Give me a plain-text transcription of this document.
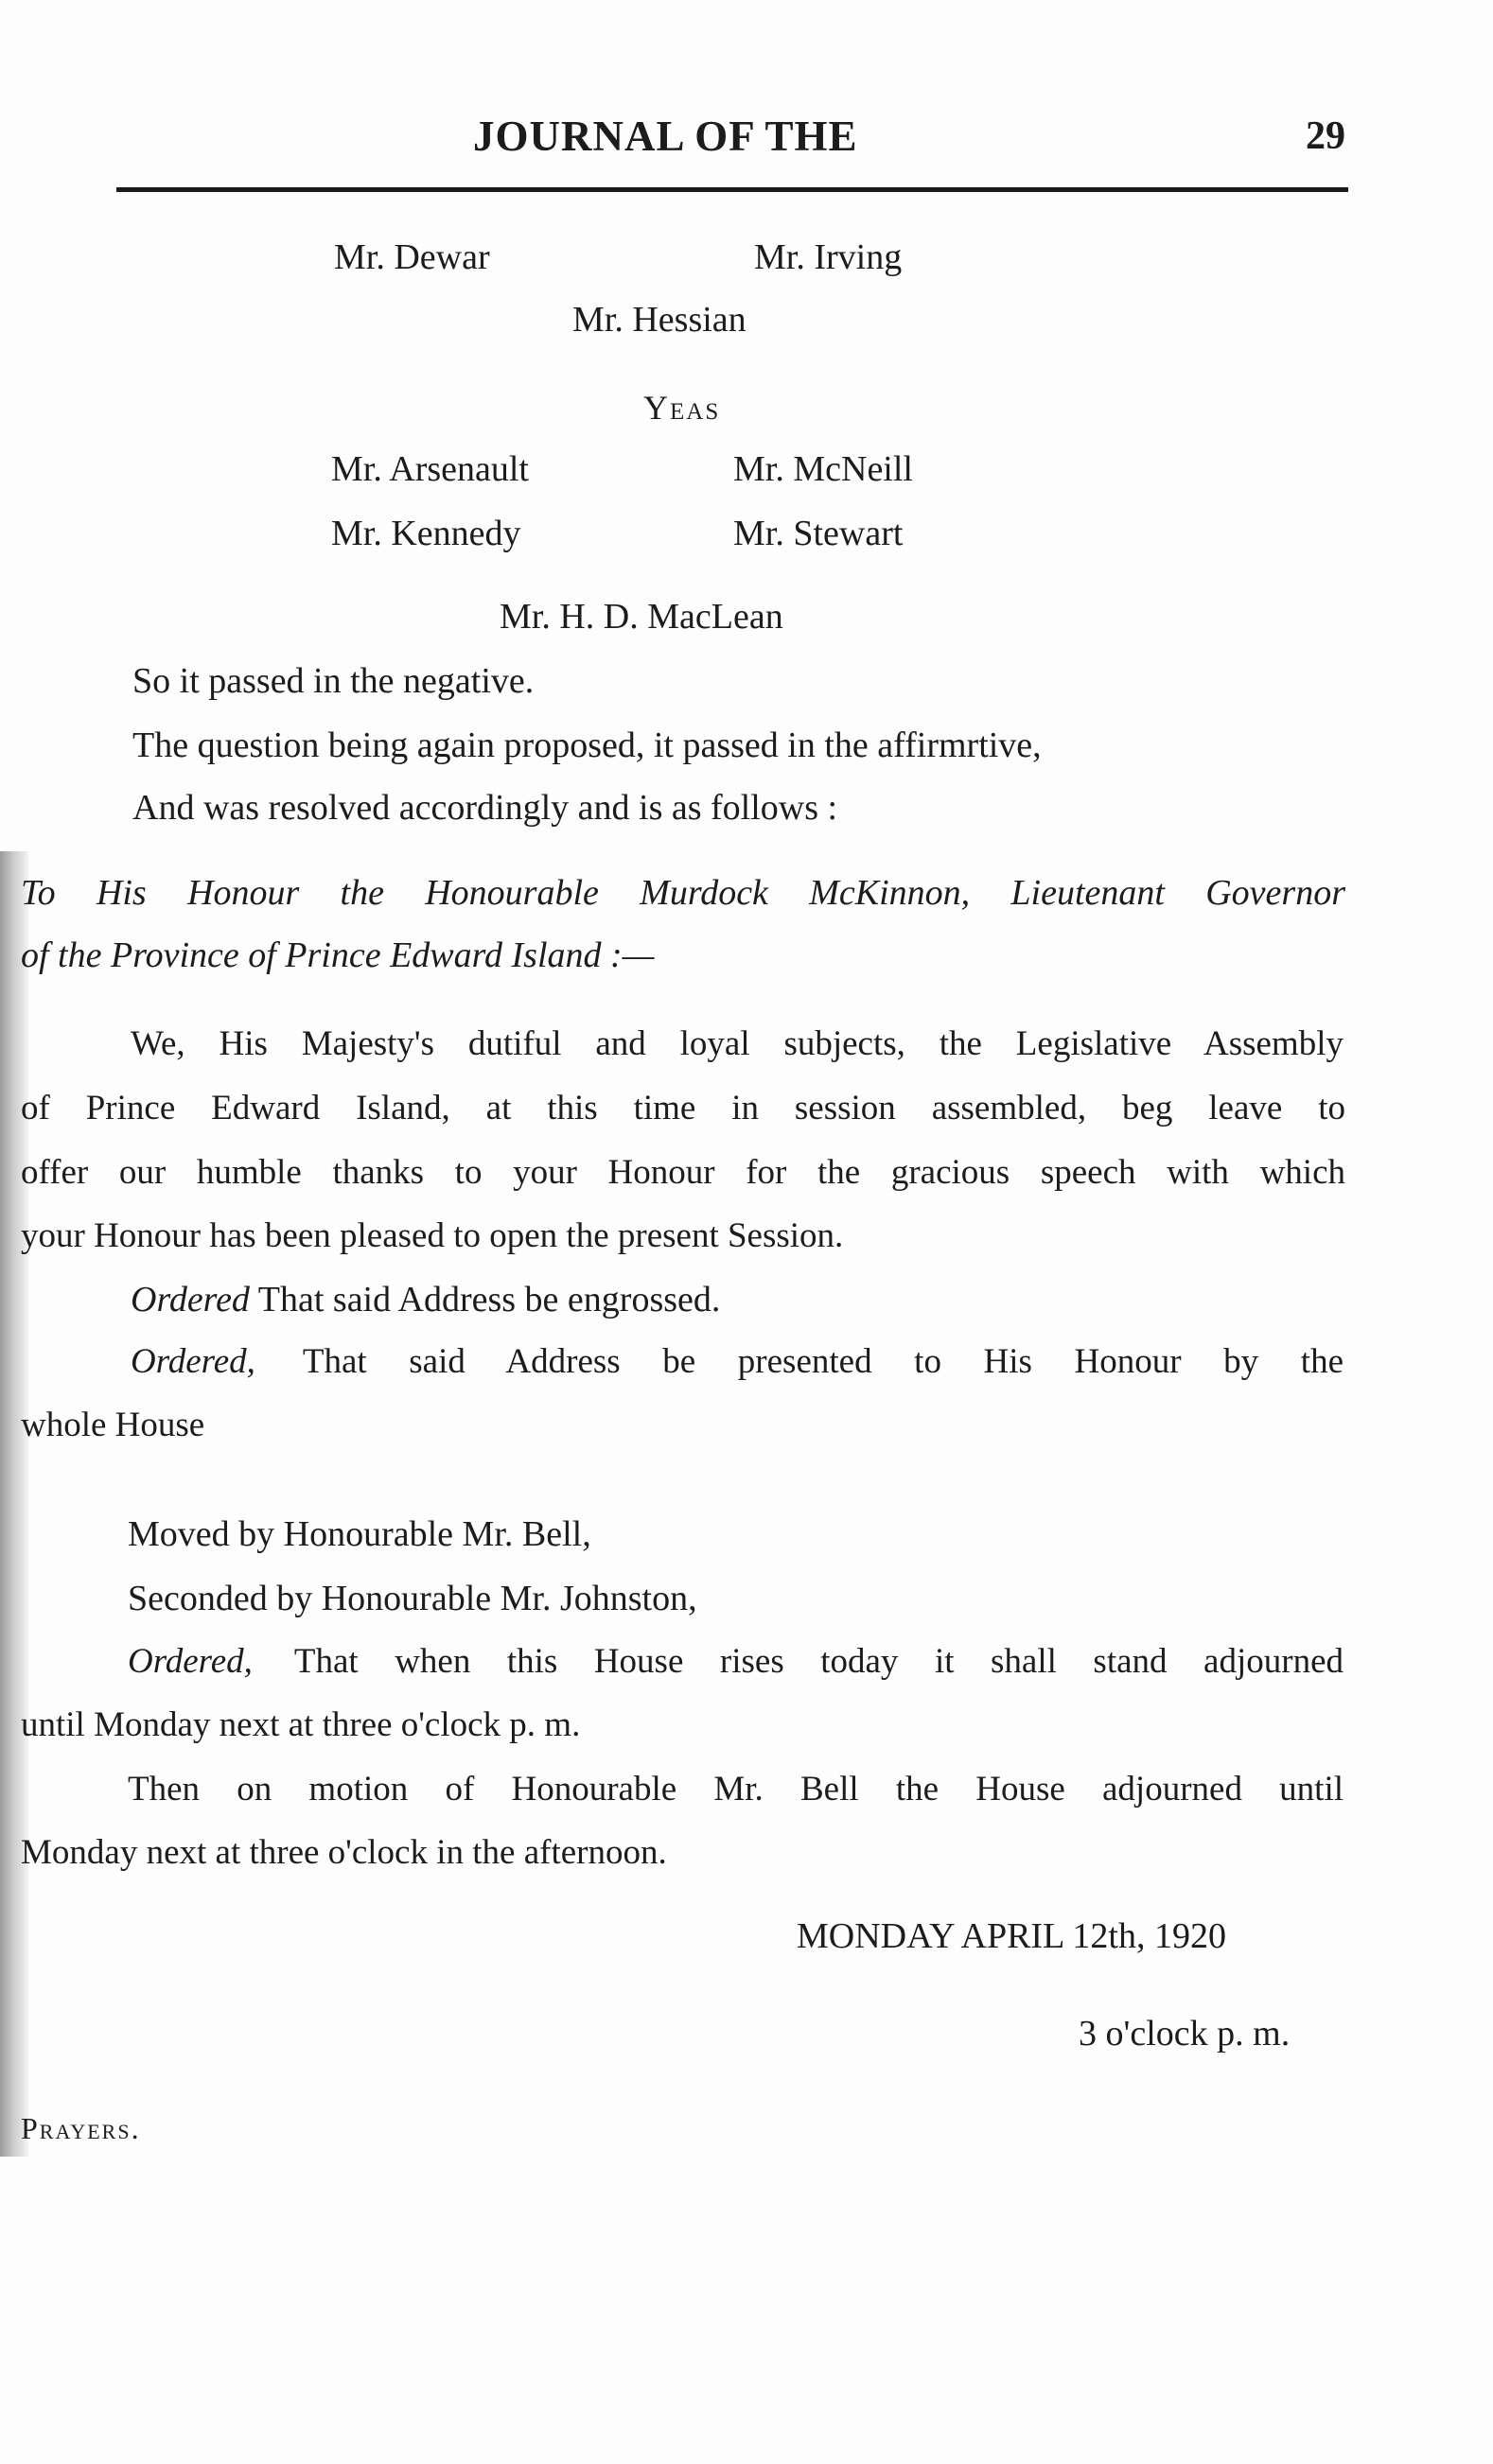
JOURNAL OF THE	29
Mr. Dewar	Mr. Irving
Mr. Hessian
Yeas
Mr. Arsenault	Mr. McNeill
Mr. Kennedy	Mr. Stewart
Mr. H. D. MacLean
So it passed in the negative.
The question being again proposed, it passed in the affirmrtive,
And was resolved accordingly and is as follows :
To His Honour the Honourable Murdock McKinnon, Lieutenant Governor
of the Province of Prince Edward Island :—
We, His Majesty's dutiful and loyal subjects, the Legislative Assembly
of Prince Edward Island, at this time in session assembled, beg leave to
offer our humble thanks to your Honour for the gracious speech with which
your Honour has been pleased to open the present Session.
Ordered That said Address be engrossed.
Ordered, That said Address be presented to His Honour by the
whole House
Moved by Honourable Mr. Bell,
Seconded by Honourable Mr. Johnston,
Ordered, That when this House rises today it shall stand adjourned
until Monday next at three o'clock p. m.
Then on motion of Honourable Mr. Bell the House adjourned until
Monday next at three o'clock in the afternoon.
MONDAY APRIL 12th, 1920
3 o'clock p. m.
Prayers.
